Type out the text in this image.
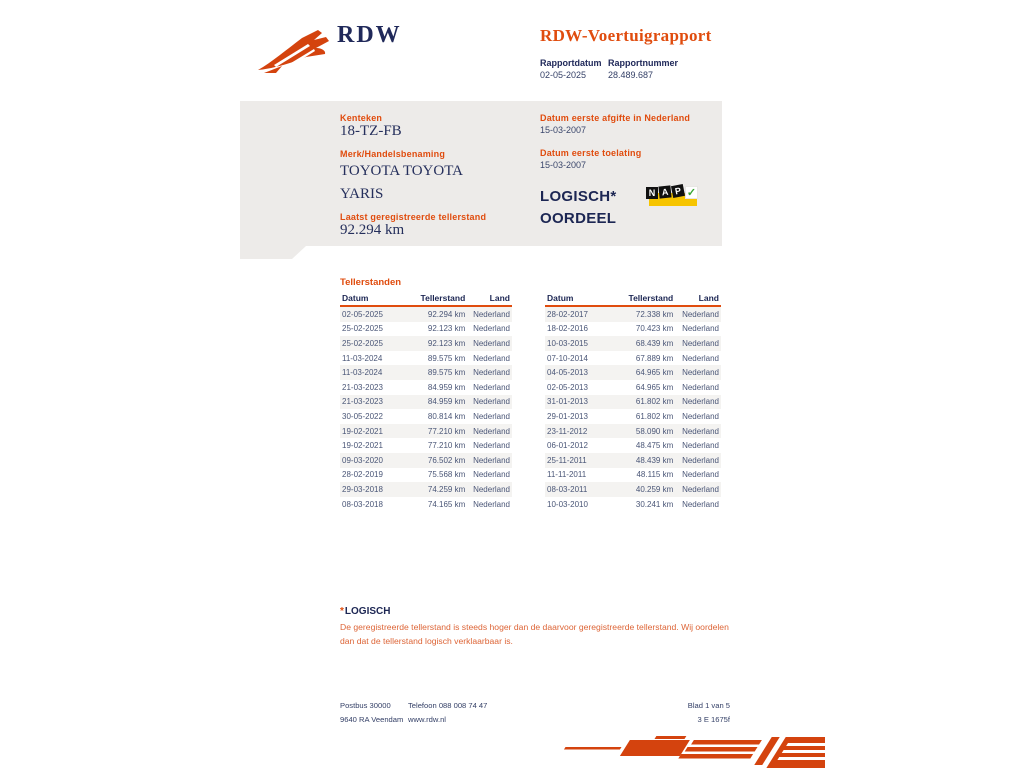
RDW	RDW-Voertuigrapport
Rapportdatum
02-05-2025
Rapportnummer
28.489.687
Kenteken
18-TZ-FB
Merk/Handelsbenaming
TOYOTA TOYOTA YARIS
Laatst geregistreerde tellerstand
92.294 km
Datum eerste afgifte in Nederland
15-03-2007
Datum eerste toelating
15-03-2007
LOGISCH*
OORDEEL
N A P ✓
Tellerstanden
Datum	Tellerstand	Land
02-05-2025	92.294 km Nederland
25-02-2025	92.123 km Nederland
25-02-2025	92.123 km Nederland
11-03-2024	89.575 km Nederland
11-03-2024	89.575 km Nederland
21-03-2023	84.959 km Nederland
21-03-2023	84.959 km Nederland
30-05-2022	80.814 km Nederland
19-02-2021	77.210 km Nederland
19-02-2021	77.210 km Nederland
09-03-2020	76.502 km Nederland
28-02-2019	75.568 km Nederland
29-03-2018	74.259 km Nederland
08-03-2018	74.165 km Nederland
Datum	Tellerstand	Land
28-02-2017	72.338 km	Nederland
18-02-2016	70.423 km	Nederland
10-03-2015	68.439 km	Nederland
07-10-2014	67.889 km	Nederland
04-05-2013	64.965 km	Nederland
02-05-2013	64.965 km	Nederland
31-01-2013	61.802 km	Nederland
29-01-2013	61.802 km	Nederland
23-11-2012	58.090 km	Nederland
06-01-2012	48.475 km	Nederland
25-11-2011	48.439 km	Nederland
11-11-2011	48.115 km	Nederland
08-03-2011	40.259 km	Nederland
10-03-2010	30.241 km	Nederland
*LOGISCH
De geregistreerde tellerstand is steeds hoger dan de daarvoor geregistreerde tellerstand. Wij oordelen dan dat de tellerstand logisch verklaarbaar is.
Postbus 30000
9640 RA Veendam
Telefoon 088 008 74 47
www.rdw.nl
Blad 1 van 5
3 E 1675f
